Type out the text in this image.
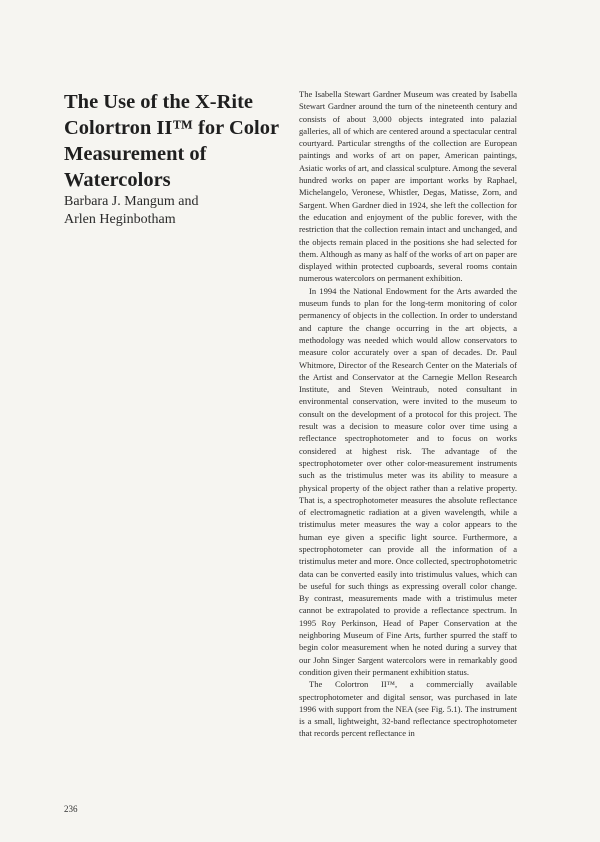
The Use of the X-Rite Colortron II™ for Color Measurement of Watercolors
Barbara J. Mangum and
Arlen Heginbotham

The Isabella Stewart Gardner Museum was created by Isabella Stewart Gardner around the turn of the nineteenth century and consists of about 3,000 objects integrated into palazial galleries, all of which are centered around a spectacular central courtyard. Particular strengths of the collection are European paintings and works of art on paper, American paintings, Asiatic works of art, and classical sculpture. Among the several hundred works on paper are important works by Raphael, Michelangelo, Veronese, Whistler, Degas, Matisse, Zorn, and Sargent. When Gardner died in 1924, she left the collection for the education and enjoyment of the public forever, with the restriction that the collection remain intact and unchanged, and the objects remain placed in the positions she had selected for them. Although as many as half of the works of art on paper are displayed within protected cupboards, several rooms contain numerous watercolors on permanent exhibition.

In 1994 the National Endowment for the Arts awarded the museum funds to plan for the long-term monitoring of color permanency of objects in the collection. In order to understand and capture the change occurring in the art objects, a methodology was needed which would allow conservators to measure color accurately over a span of decades. Dr. Paul Whitmore, Director of the Research Center on the Materials of the Artist and Conservator at the Carnegie Mellon Research Institute, and Steven Weintraub, noted consultant in environmental conservation, were invited to the museum to consult on the development of a protocol for this project. The result was a decision to measure color over time using a reflectance spectrophotometer and to focus on works considered at highest risk. The advantage of the spectrophotometer over other color-measurement instruments such as the tristimulus meter was its ability to measure a physical property of the object rather than a relative property. That is, a spectrophotometer measures the absolute reflectance of electromagnetic radiation at a given wavelength, while a tristimulus meter measures the way a color appears to the human eye given a specific light source. Furthermore, a spectrophotometer can provide all the information of a tristimulus meter and more. Once collected, spectrophotometric data can be converted easily into tristimulus values, which can be useful for such things as expressing overall color change. By contrast, measurements made with a tristimulus meter cannot be extrapolated to provide a reflectance spectrum. In 1995 Roy Perkinson, Head of Paper Conservation at the neighboring Museum of Fine Arts, further spurred the staff to begin color measurement when he noted during a survey that our John Singer Sargent watercolors were in remarkably good condition given their permanent exhibition status.

The Colortron II™, a commercially available spectrophotometer and digital sensor, was purchased in late 1996 with support from the NEA (see Fig. 5.1). The instrument is a small, lightweight, 32-band reflectance spectrophotometer that records percent reflectance in

236
